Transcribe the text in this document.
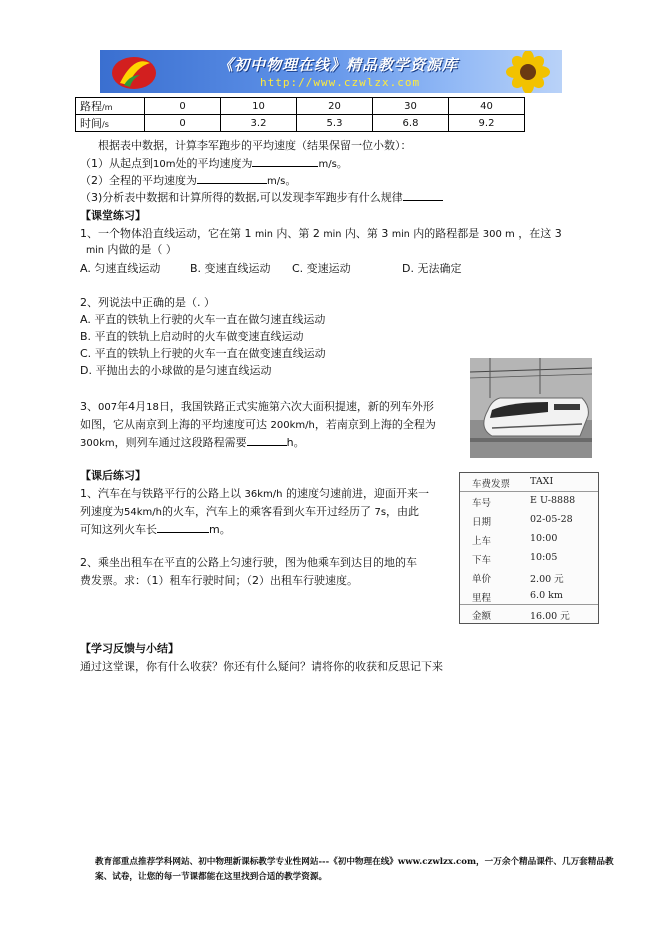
《初中物理在线》精品教学资源库
http://www.czwlzx.com
路程/m	0	10	20	30	40
时间/s	0	3.2	5.3	6.8	9.2
根据表中数据，计算李军跑步的平均速度（结果保留一位小数）：
（1）从起点到10m处的平均速度为	m/s。
（2）全程的平均速度为	m/s。
（3)分析表中数据和计算所得的数据,可以发现李军跑步有什么规律
【课堂练习】
1、一个物体沿直线运动，它在第 1 min 内、第 2 min 内、第 3 min 内的路程都是 300 m ，在这 3
min 内做的是（ ）
A. 匀速直线运动	B. 变速直线运动 C. 变速运动	D. 无法确定
2、列说法中正确的是（. ）
A. 平直的铁轨上行驶的火车一直在做匀速直线运动
B. 平直的铁轨上启动时的火车做变速直线运动
C. 平直的铁轨上行驶的火车一直在做变速直线运动
D. 平抛出去的小球做的是匀速直线运动
3、007年4月18日，我国铁路正式实施第六次大面积提速，新的列车外形
如图，它从南京到上海的平均速度可达 200km/h，若南京到上海的全程为
300km，则列车通过这段路程需要	h。
【课后练习】
1、汽车在与铁路平行的公路上以 36km/h 的速度匀速前进，迎面开来一
列速度为54km/h的火车，汽车上的乘客看到火车开过经历了 7s，由此
可知这列火车长	m。
2、乘坐出租车在平直的公路上匀速行驶，图为他乘车到达目的地的车
费发票。求：（1）租车行驶时间；（2）出租车行驶速度。
车费发票 TAXI
车号	E U-8888
日期	02-05-28
上车	10:00
下车	10:05
单价	2.00 元
里程	6.0 km
金额	16.00 元
【学习反馈与小结】
通过这堂课，你有什么收获？你还有什么疑问？请将你的收获和反思记下来
教育部重点推荐学科网站、初中物理新课标教学专业性网站---《初中物理在线》www.czwlzx.com，一万余个精品课件、几万套精品教案、试卷，让您的每一节课都能在这里找到合适的教学资源。
